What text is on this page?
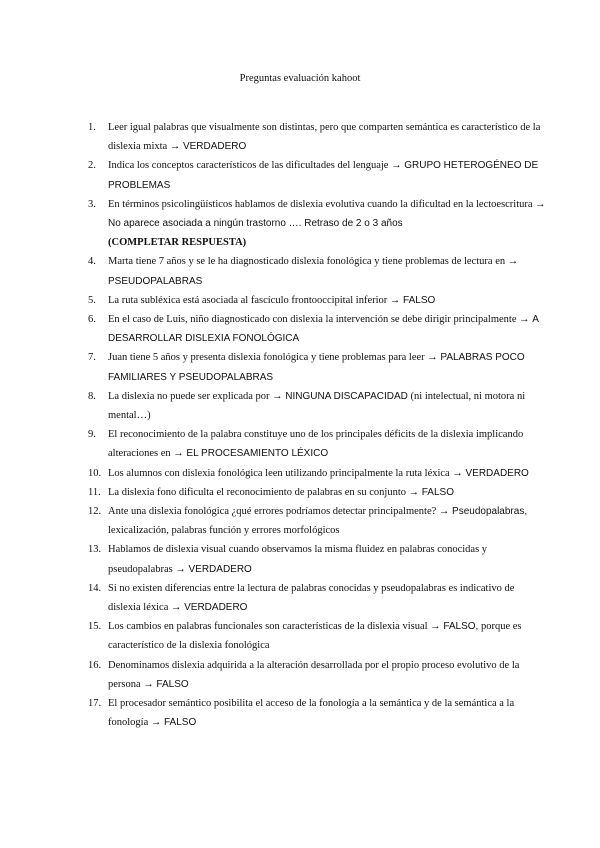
Preguntas evaluación kahoot
1. Leer igual palabras que visualmente son distintas, pero que comparten semántica es característico de la dislexia mixta → VERDADERO
2. Indica los conceptos característicos de las dificultades del lenguaje → GRUPO HETEROGÉNEO DE PROBLEMAS
3. En términos psicolingüísticos hablamos de dislexia evolutiva cuando la dificultad en la lectoescritura → No aparece asociada a ningún trastorno …. Retraso de 2 o 3 años
(COMPLETAR RESPUESTA)
4. Marta tiene 7 años y se le ha diagnosticado dislexia fonológica y tiene problemas de lectura en → PSEUDOPALABRAS
5. La ruta subléxica está asociada al fascículo frontooccipital inferior → FALSO
6. En el caso de Luis, niño diagnosticado con dislexia la intervención se debe dirigir principalmente → A DESARROLLAR DISLEXIA FONOLÓGICA
7. Juan tiene 5 años y presenta dislexia fonológica y tiene problemas para leer → PALABRAS POCO FAMILIARES Y PSEUDOPALABRAS
8. La dislexia no puede ser explicada por → NINGUNA DISCAPACIDAD (ni intelectual, ni motora ni mental…)
9. El reconocimiento de la palabra constituye uno de los principales déficits de la dislexia implicando alteraciones en → EL PROCESAMIENTO LÉXICO
10. Los alumnos con dislexia fonológica leen utilizando principalmente la ruta léxica → VERDADERO
11. La dislexia fono dificulta el reconocimiento de palabras en su conjunto → FALSO
12. Ante una dislexia fonológica ¿qué errores podríamos detectar principalmente? → Pseudopalabras, lexicalización, palabras función y errores morfológicos
13. Hablamos de dislexia visual cuando observamos la misma fluidez en palabras conocidas y pseudopalabras → VERDADERO
14. Si no existen diferencias entre la lectura de palabras conocidas y pseudopalabras es indicativo de dislexia léxica → VERDADERO
15. Los cambios en palabras funcionales son características de la dislexia visual → FALSO, porque es característico de la dislexia fonológica
16. Denominamos dislexia adquirida a la alteración desarrollada por el propio proceso evolutivo de la persona → FALSO
17. El procesador semántico posibilita el acceso de la fonología a la semántica y de la semántica a la fonología → FALSO
